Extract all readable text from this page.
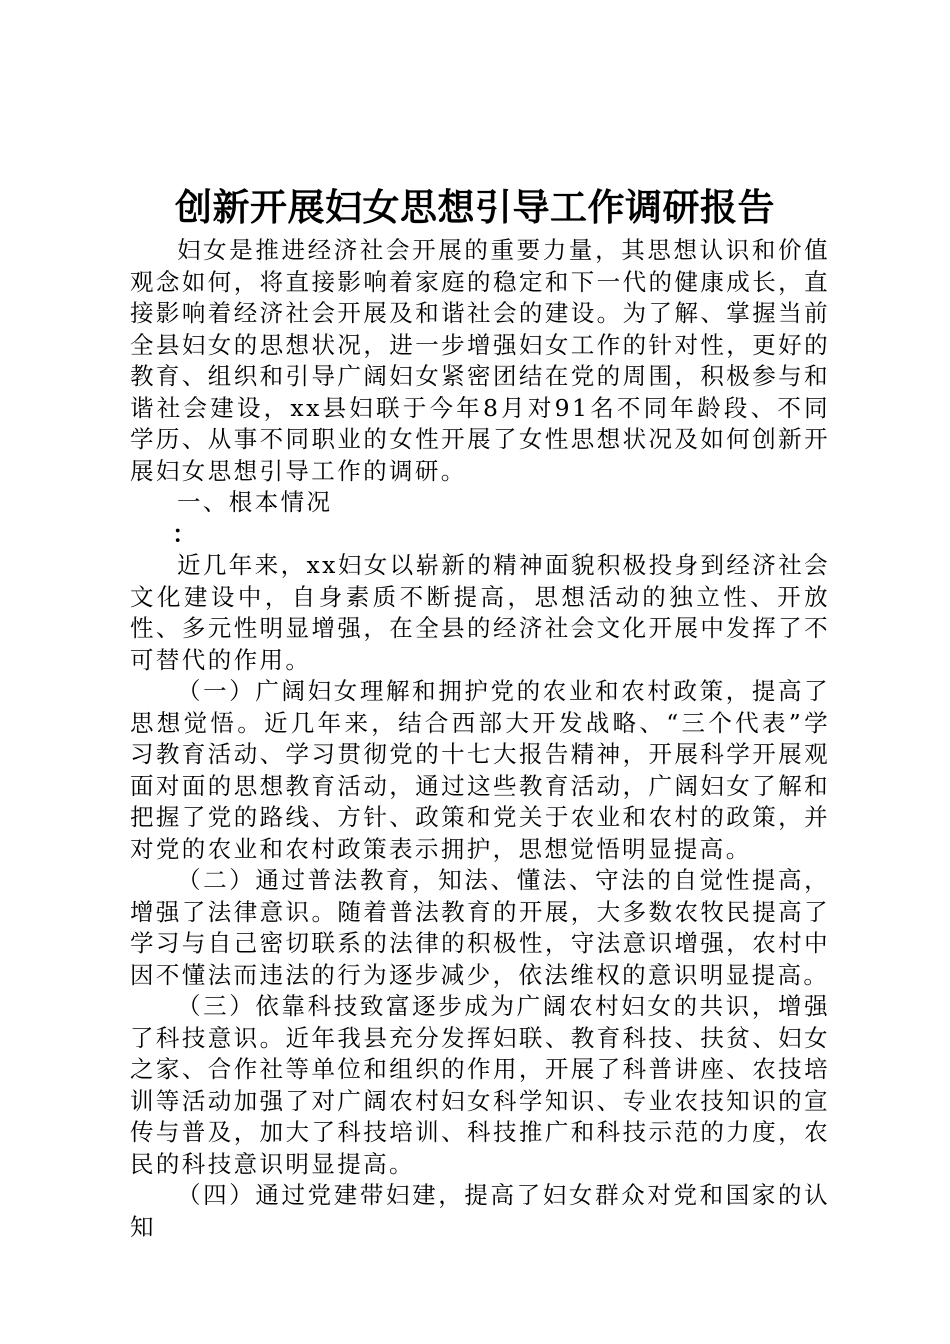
创新开展妇女思想引导工作调研报告

妇女是推进经济社会开展的重要力量，其思想认识和价值观念如何，将直接影响着家庭的稳定和下一代的健康成长，直接影响着经济社会开展及和谐社会的建设。为了解、掌握当前全县妇女的思想状况，进一步增强妇女工作的针对性，更好的教育、组织和引导广阔妇女紧密团结在党的周围，积极参与和谐社会建设，xx县妇联于今年8月对91名不同年龄段、不同学历、从事不同职业的女性开展了女性思想状况及如何创新开展妇女思想引导工作的调研。

一、根本情况

：

近几年来，xx妇女以崭新的精神面貌积极投身到经济社会文化建设中，自身素质不断提高，思想活动的独立性、开放性、多元性明显增强，在全县的经济社会文化开展中发挥了不可替代的作用。

（一）广阔妇女理解和拥护党的农业和农村政策，提高了思想觉悟。近几年来，结合西部大开发战略、“三个代表”学习教育活动、学习贯彻党的十七大报告精神，开展科学开展观面对面的思想教育活动，通过这些教育活动，广阔妇女了解和把握了党的路线、方针、政策和党关于农业和农村的政策，并对党的农业和农村政策表示拥护，思想觉悟明显提高。

（二）通过普法教育，知法、懂法、守法的自觉性提高，增强了法律意识。随着普法教育的开展，大多数农牧民提高了学习与自己密切联系的法律的积极性，守法意识增强，农村中因不懂法而违法的行为逐步减少，依法维权的意识明显提高。

（三）依靠科技致富逐步成为广阔农村妇女的共识，增强了科技意识。近年我县充分发挥妇联、教育科技、扶贫、妇女之家、合作社等单位和组织的作用，开展了科普讲座、农技培训等活动加强了对广阔农村妇女科学知识、专业农技知识的宣传与普及，加大了科技培训、科技推广和科技示范的力度，农民的科技意识明显提高。

（四）通过党建带妇建，提高了妇女群众对党和国家的认知
